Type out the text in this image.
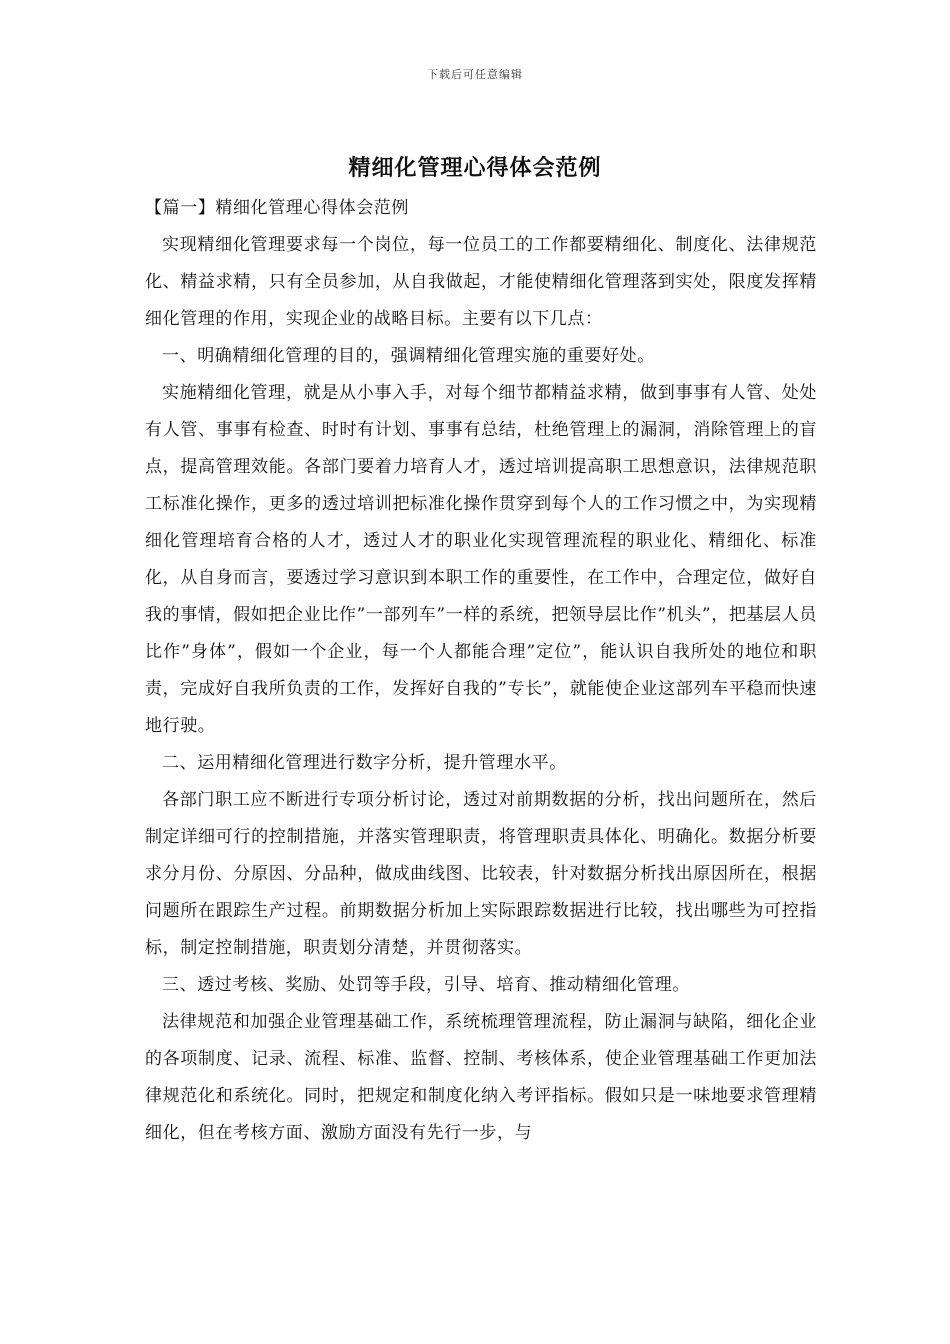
下载后可任意编辑
精细化管理心得体会范例

【篇一】精细化管理心得体会范例

实现精细化管理要求每一个岗位，每一位员工的工作都要精细化、制度化、法律规范化、精益求精，只有全员参加，从自我做起，才能使精细化管理落到实处，限度发挥精细化管理的作用，实现企业的战略目标。主要有以下几点：

一、明确精细化管理的目的，强调精细化管理实施的重要好处。

实施精细化管理，就是从小事入手，对每个细节都精益求精，做到事事有人管、处处有人管、事事有检查、时时有计划、事事有总结，杜绝管理上的漏洞，消除管理上的盲点，提高管理效能。各部门要着力培育人才，透过培训提高职工思想意识，法律规范职工标准化操作，更多的透过培训把标准化操作贯穿到每个人的工作习惯之中，为实现精细化管理培育合格的人才，透过人才的职业化实现管理流程的职业化、精细化、标准化，从自身而言，要透过学习意识到本职工作的重要性，在工作中，合理定位，做好自我的事情，假如把企业比作”一部列车”一样的系统，把领导层比作”机头”，把基层人员比作”身体”，假如一个企业，每一个人都能合理”定位”，能认识自我所处的地位和职责，完成好自我所负责的工作，发挥好自我的”专长”，就能使企业这部列车平稳而快速地行驶。

二、运用精细化管理进行数字分析，提升管理水平。

各部门职工应不断进行专项分析讨论，透过对前期数据的分析，找出问题所在，然后制定详细可行的控制措施，并落实管理职责，将管理职责具体化、明确化。数据分析要求分月份、分原因、分品种，做成曲线图、比较表，针对数据分析找出原因所在，根据问题所在跟踪生产过程。前期数据分析加上实际跟踪数据进行比较，找出哪些为可控指标，制定控制措施，职责划分清楚，并贯彻落实。

三、透过考核、奖励、处罚等手段，引导、培育、推动精细化管理。

法律规范和加强企业管理基础工作，系统梳理管理流程，防止漏洞与缺陷，细化企业的各项制度、记录、流程、标准、监督、控制、考核体系，使企业管理基础工作更加法律规范化和系统化。同时，把规定和制度化纳入考评指标。假如只是一味地要求管理精细化，但在考核方面、激励方面没有先行一步，与
